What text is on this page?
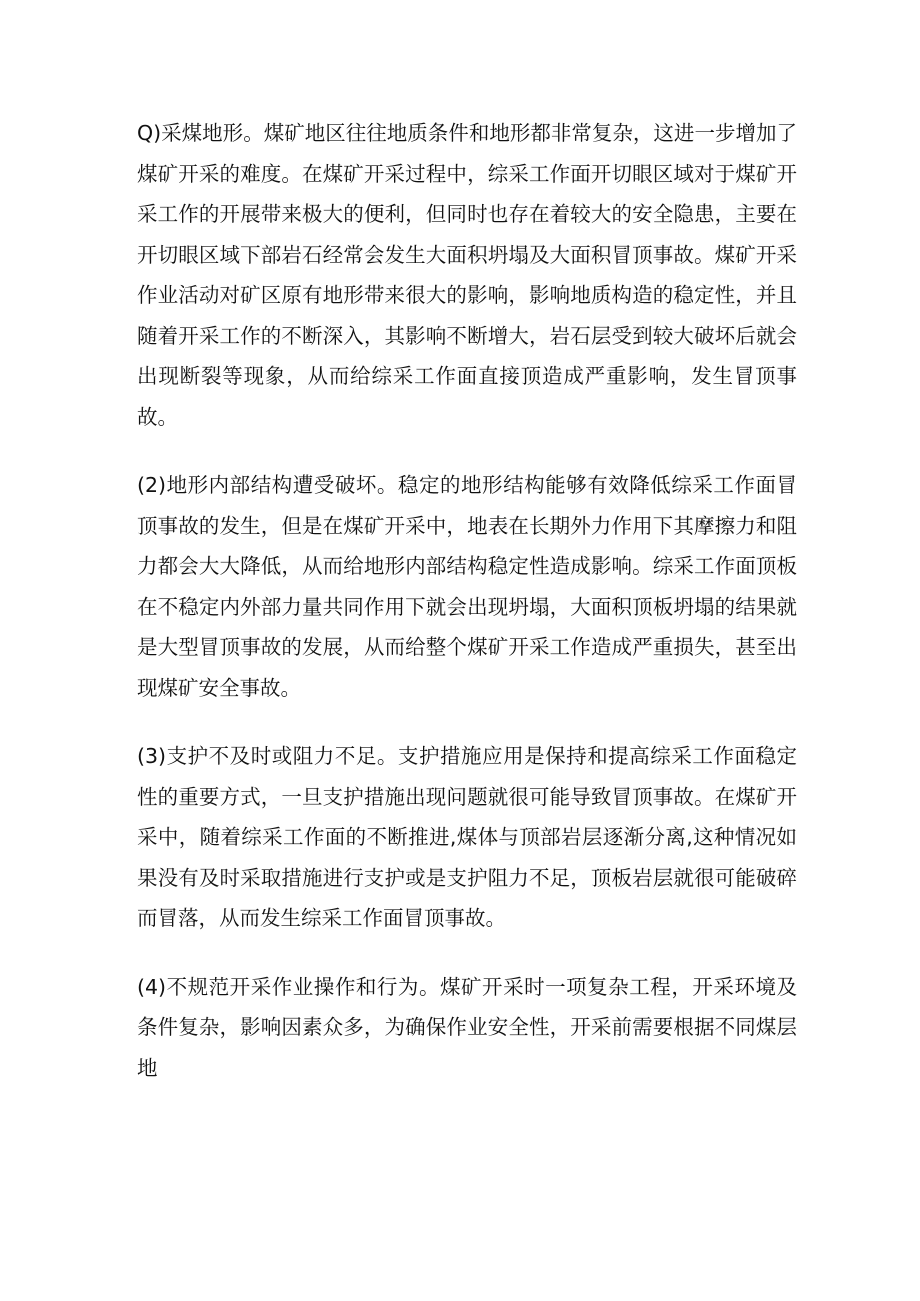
Q)采煤地形。煤矿地区往往地质条件和地形都非常复杂，这进一步增加了煤矿开采的难度。在煤矿开采过程中，综采工作面开切眼区域对于煤矿开采工作的开展带来极大的便利，但同时也存在着较大的安全隐患，主要在开切眼区域下部岩石经常会发生大面积坍塌及大面积冒顶事故。煤矿开采作业活动对矿区原有地形带来很大的影响，影响地质构造的稳定性，并且随着开采工作的不断深入，其影响不断增大，岩石层受到较大破坏后就会出现断裂等现象，从而给综采工作面直接顶造成严重影响，发生冒顶事故。

(2)地形内部结构遭受破坏。稳定的地形结构能够有效降低综采工作面冒顶事故的发生，但是在煤矿开采中，地表在长期外力作用下其摩擦力和阻力都会大大降低，从而给地形内部结构稳定性造成影响。综采工作面顶板在不稳定内外部力量共同作用下就会出现坍塌，大面积顶板坍塌的结果就是大型冒顶事故的发展，从而给整个煤矿开采工作造成严重损失，甚至出现煤矿安全事故。

(3)支护不及时或阻力不足。支护措施应用是保持和提高综采工作面稳定性的重要方式，一旦支护措施出现问题就很可能导致冒顶事故。在煤矿开采中，随着综采工作面的不断推进,煤体与顶部岩层逐渐分离,这种情况如果没有及时采取措施进行支护或是支护阻力不足，顶板岩层就很可能破碎而冒落，从而发生综采工作面冒顶事故。

(4)不规范开采作业操作和行为。煤矿开采时一项复杂工程，开采环境及条件复杂，影响因素众多，为确保作业安全性，开采前需要根据不同煤层地
